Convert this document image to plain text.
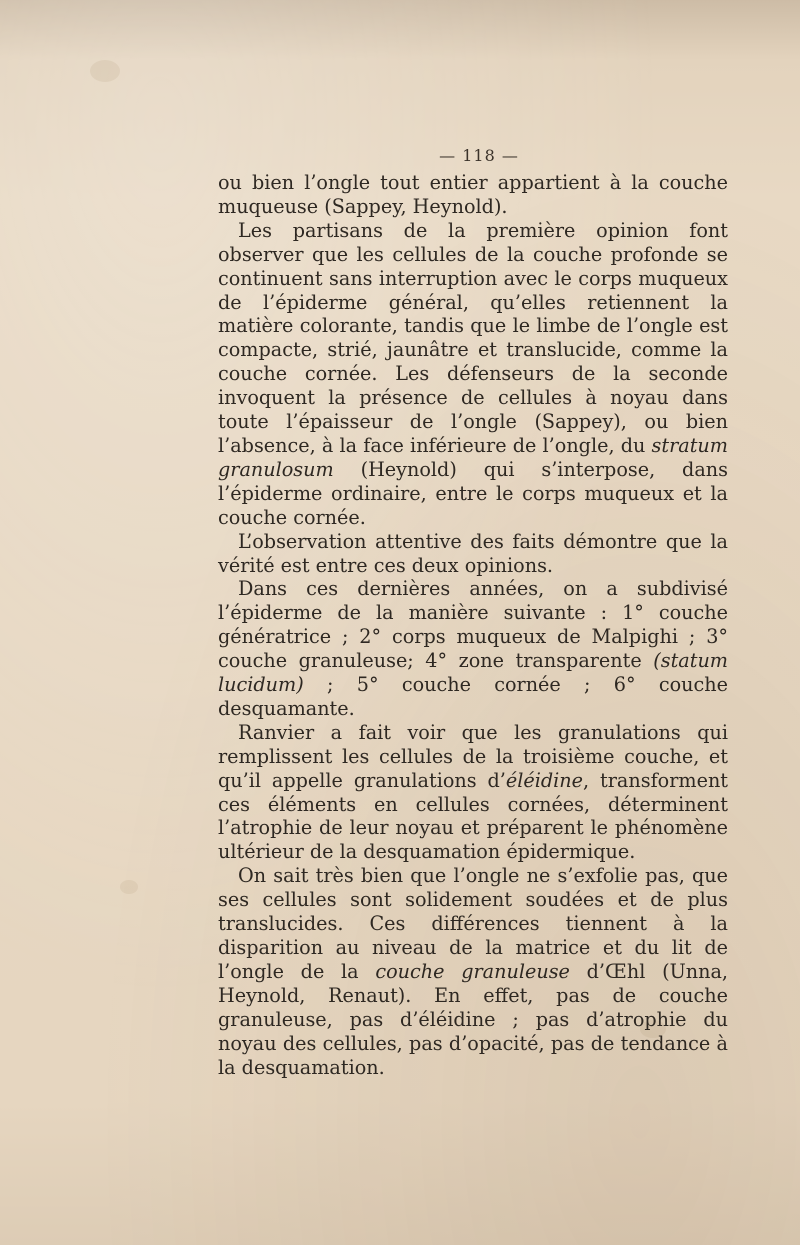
— 118 —

ou bien l’ongle tout entier appartient à la couche muqueuse (Sappey, Heynold).

Les partisans de la première opinion font observer que les cellules de la couche profonde se continuent sans interruption avec le corps muqueux de l’épiderme général, qu’elles retiennent la matière colorante, tandis que le limbe de l’ongle est compacte, strié, jaunâtre et translucide, comme la couche cornée. Les défenseurs de la seconde invoquent la présence de cellules à noyau dans toute l’épaisseur de l’ongle (Sappey), ou bien l’absence, à la face inférieure de l’ongle, du stratum granulosum (Heynold) qui s’interpose, dans l’épiderme ordinaire, entre le corps muqueux et la couche cornée.

L’observation attentive des faits démontre que la vérité est entre ces deux opinions.

Dans ces dernières années, on a subdivisé l’épiderme de la manière suivante : 1° couche génératrice ; 2° corps muqueux de Malpighi ; 3° couche granuleuse; 4° zone transparente (statum lucidum) ; 5° couche cornée ; 6° couche desquamante.

Ranvier a fait voir que les granulations qui remplissent les cellules de la troisième couche, et qu’il appelle granulations d’éléidine, transforment ces éléments en cellules cornées, déterminent l’atrophie de leur noyau et préparent le phénomène ultérieur de la desquamation épidermique.

On sait très bien que l’ongle ne s’exfolie pas, que ses cellules sont solidement soudées et de plus translucides. Ces différences tiennent à la disparition au niveau de la matrice et du lit de l’ongle de la couche granuleuse d’Œhl (Unna, Heynold, Renaut). En effet, pas de couche granuleuse, pas d’éléidine ; pas d’atrophie du noyau des cellules, pas d’opacité, pas de tendance à la desquamation.
